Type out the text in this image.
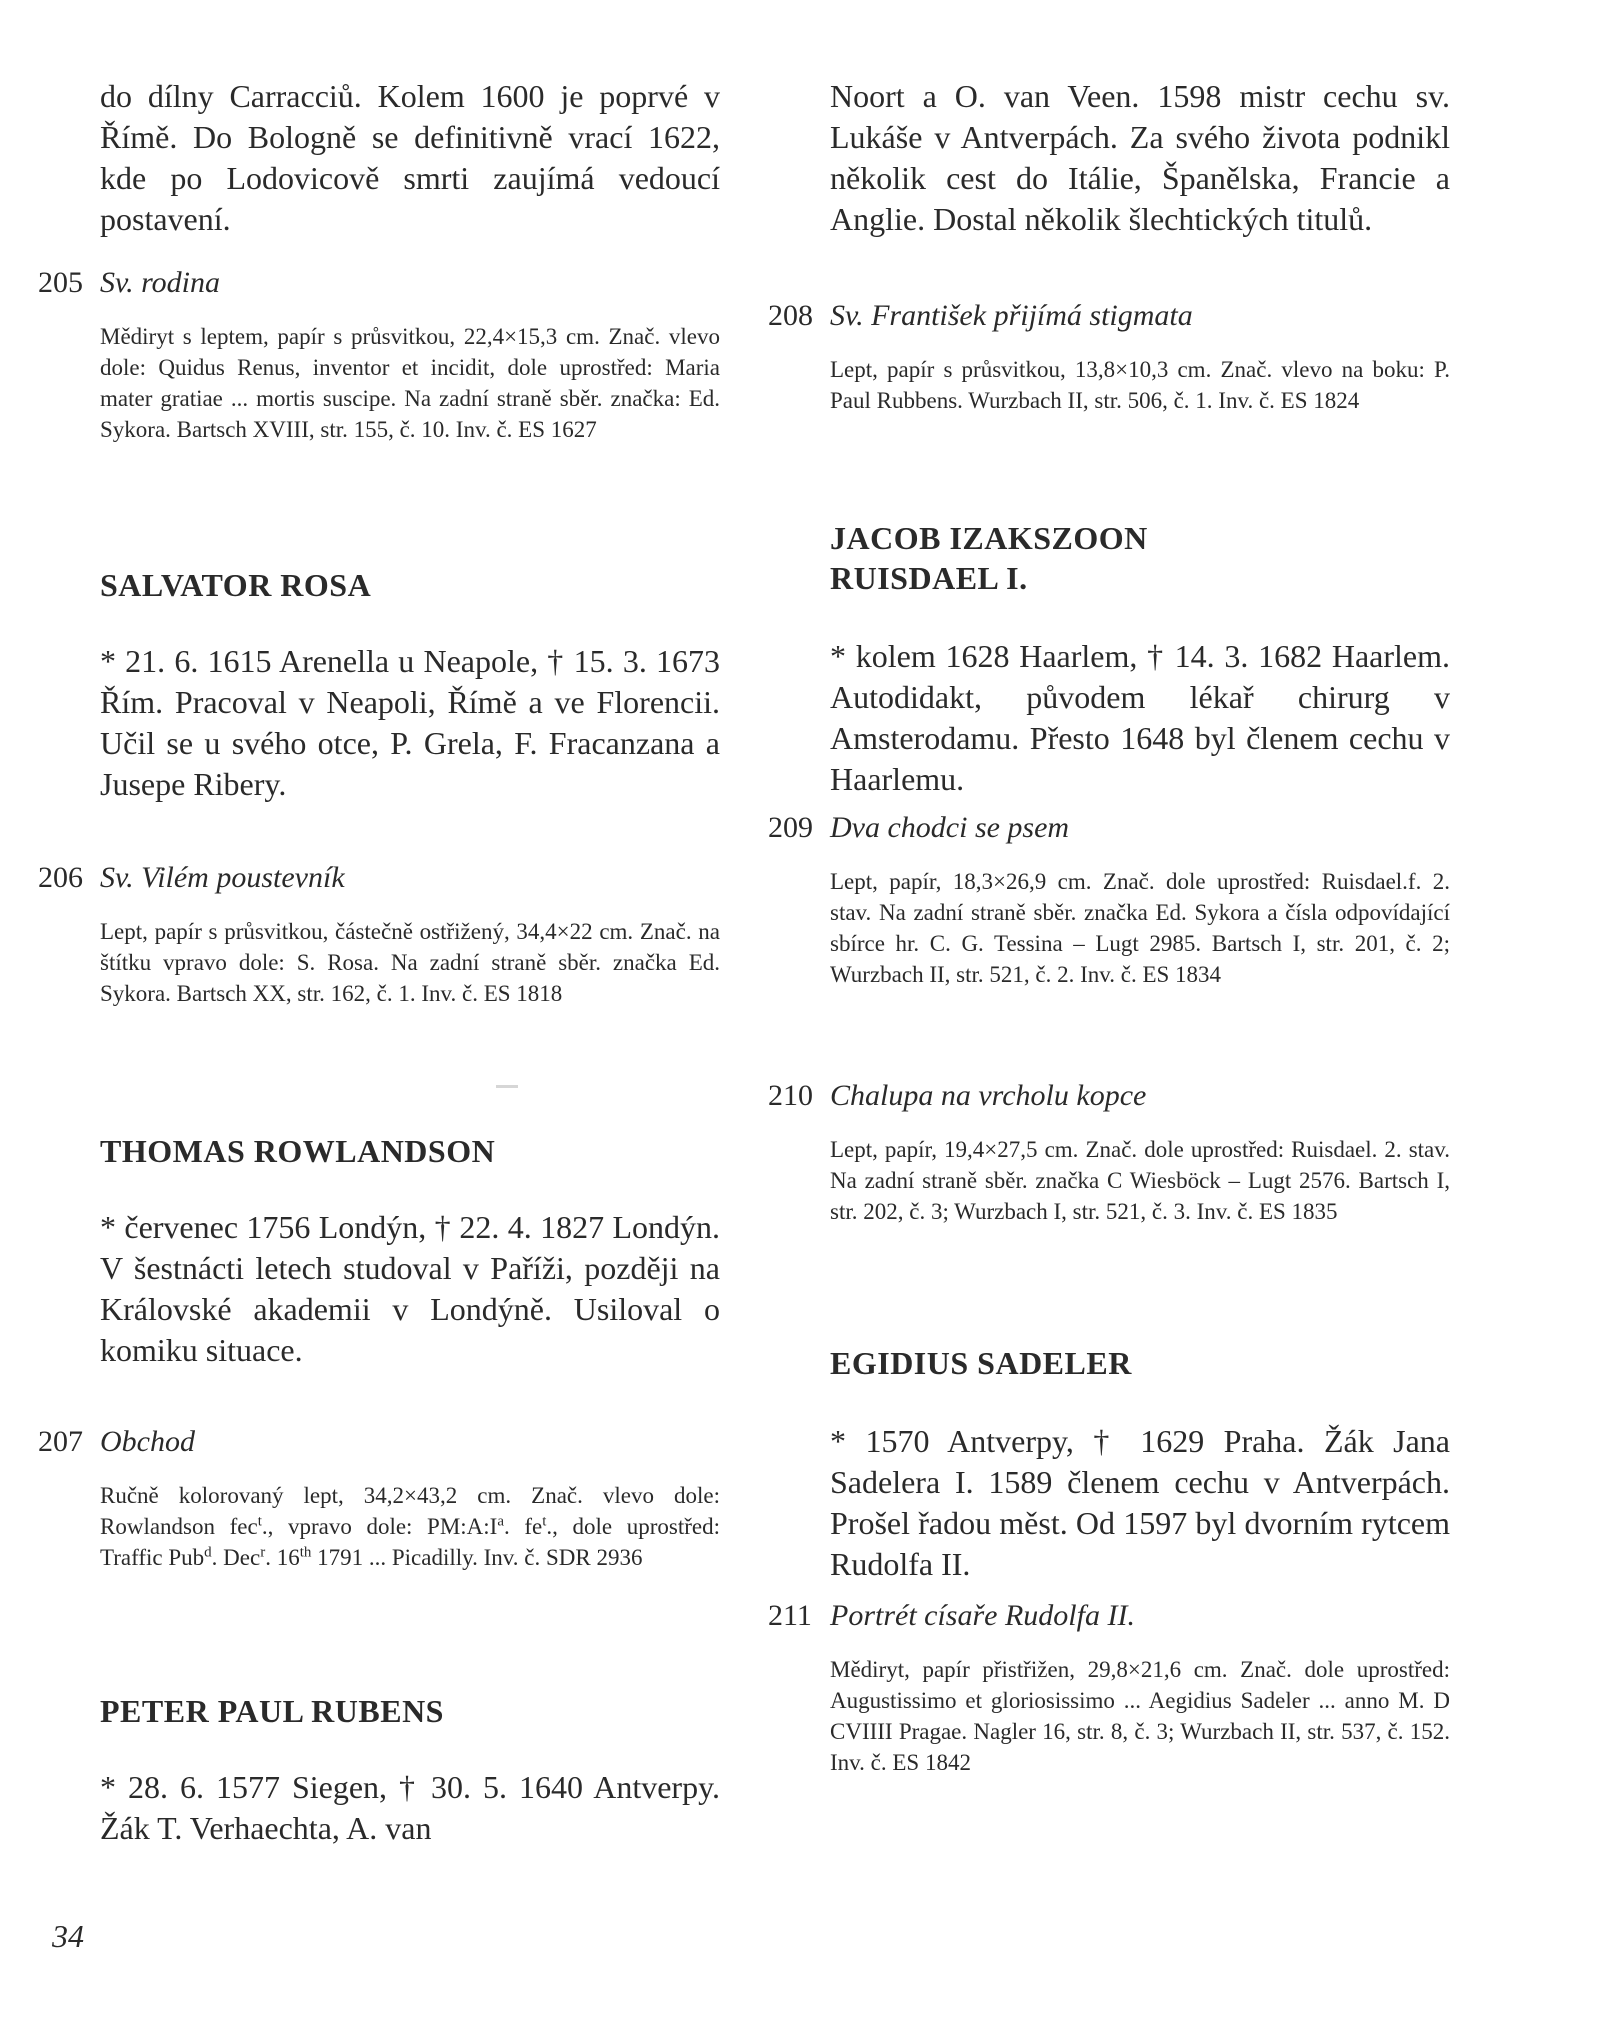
do dílny Carracciů. Kolem 1600 je poprvé v Římě. Do Bologně se definitivně vrací 1622, kde po Lodovicově smrti zaujímá vedoucí postavení.

205 Sv. rodina

Mědiryt s leptem, papír s průsvitkou, 22,4×15,3 cm. Znač. vlevo dole: Quidus Renus, inventor et incidit, dole uprostřed: Maria mater gratiae ... mortis suscipe. Na zadní straně sběr. značka: Ed. Sykora. Bartsch XVIII, str. 155, č. 10. Inv. č. ES 1627

SALVATOR ROSA

* 21. 6. 1615 Arenella u Neapole, † 15. 3. 1673 Řím. Pracoval v Neapoli, Římě a ve Florencii. Učil se u svého otce, P. Grela, F. Fracanzana a Jusepe Ribery.

206 Sv. Vilém poustevník

Lept, papír s průsvitkou, částečně ostřižený, 34,4×22 cm. Znač. na štítku vpravo dole: S. Rosa. Na zadní straně sběr. značka Ed. Sykora. Bartsch XX, str. 162, č. 1. Inv. č. ES 1818

THOMAS ROWLANDSON

* červenec 1756 Londýn, † 22. 4. 1827 Londýn. V šestnácti letech studoval v Paříži, později na Královské akademii v Londýně. Usiloval o komiku situace.

207 Obchod

Ručně kolorovaný lept, 34,2×43,2 cm. Znač. vlevo dole: Rowlandson fec$^t$., vpravo dole: $PM:A:I^a$. $fe^t$., dole uprostřed: Traffic Pub$^d$. Dec$^r$. 16th 1791 ... Picadilly. Inv. č. SDR 2936

PETER PAUL RUBENS

* 28. 6. 1577 Siegen, † 30. 5. 1640 Antverpy. Žák T. Verhaechta, A. van

Noort a O. van Veen. 1598 mistr cechu sv. Lukáše v Antverpách. Za svého života podnikl několik cest do Itálie, Španělska, Francie a Anglie. Dostal několik šlechtických titulů.

208 Sv. František přijímá stigmata

Lept, papír s průsvitkou, 13,8×10,3 cm. Znač. vlevo na boku: P. Paul Rubbens. Wurzbach II, str. 506, č. 1. Inv. č. ES 1824

JACOB IZAKSZOON
RUISDAEL I.

* kolem 1628 Haarlem, † 14. 3. 1682 Haarlem. Autodidakt, původem lékař chirurg v Amsterodamu. Přesto 1648 byl členem cechu v Haarlemu.

209 Dva chodci se psem

Lept, papír, 18,3×26,9 cm. Znač. dole uprostřed: Ruisdael.f. 2. stav. Na zadní straně sběr. značka Ed. Sykora a čísla odpovídající sbírce hr. C. G. Tessina – Lugt 2985. Bartsch I, str. 201, č. 2; Wurzbach II, str. 521, č. 2. Inv. č. ES 1834

210 Chalupa na vrcholu kopce

Lept, papír, 19,4×27,5 cm. Znač. dole uprostřed: Ruisdael. 2. stav. Na zadní straně sběr. značka C Wiesböck – Lugt 2576. Bartsch I, str. 202, č. 3; Wurzbach I, str. 521, č. 3. Inv. č. ES 1835

EGIDIUS SADELER

* 1570 Antverpy, † 1629 Praha. Žák Jana Sadelera I. 1589 členem cechu v Antverpách. Prošel řadou měst. Od 1597 byl dvorním rytcem Rudolfa II.

211 Portrét císaře Rudolfa II.

Mědiryt, papír přistřižen, 29,8×21,6 cm. Znač. dole uprostřed: Augustissimo et gloriosissimo ... Aegidius Sadeler ... anno M. D CVIIII Pragae. Nagler 16, str. 8, č. 3; Wurzbach II, str. 537, č. 152. Inv. č. ES 1842

34
